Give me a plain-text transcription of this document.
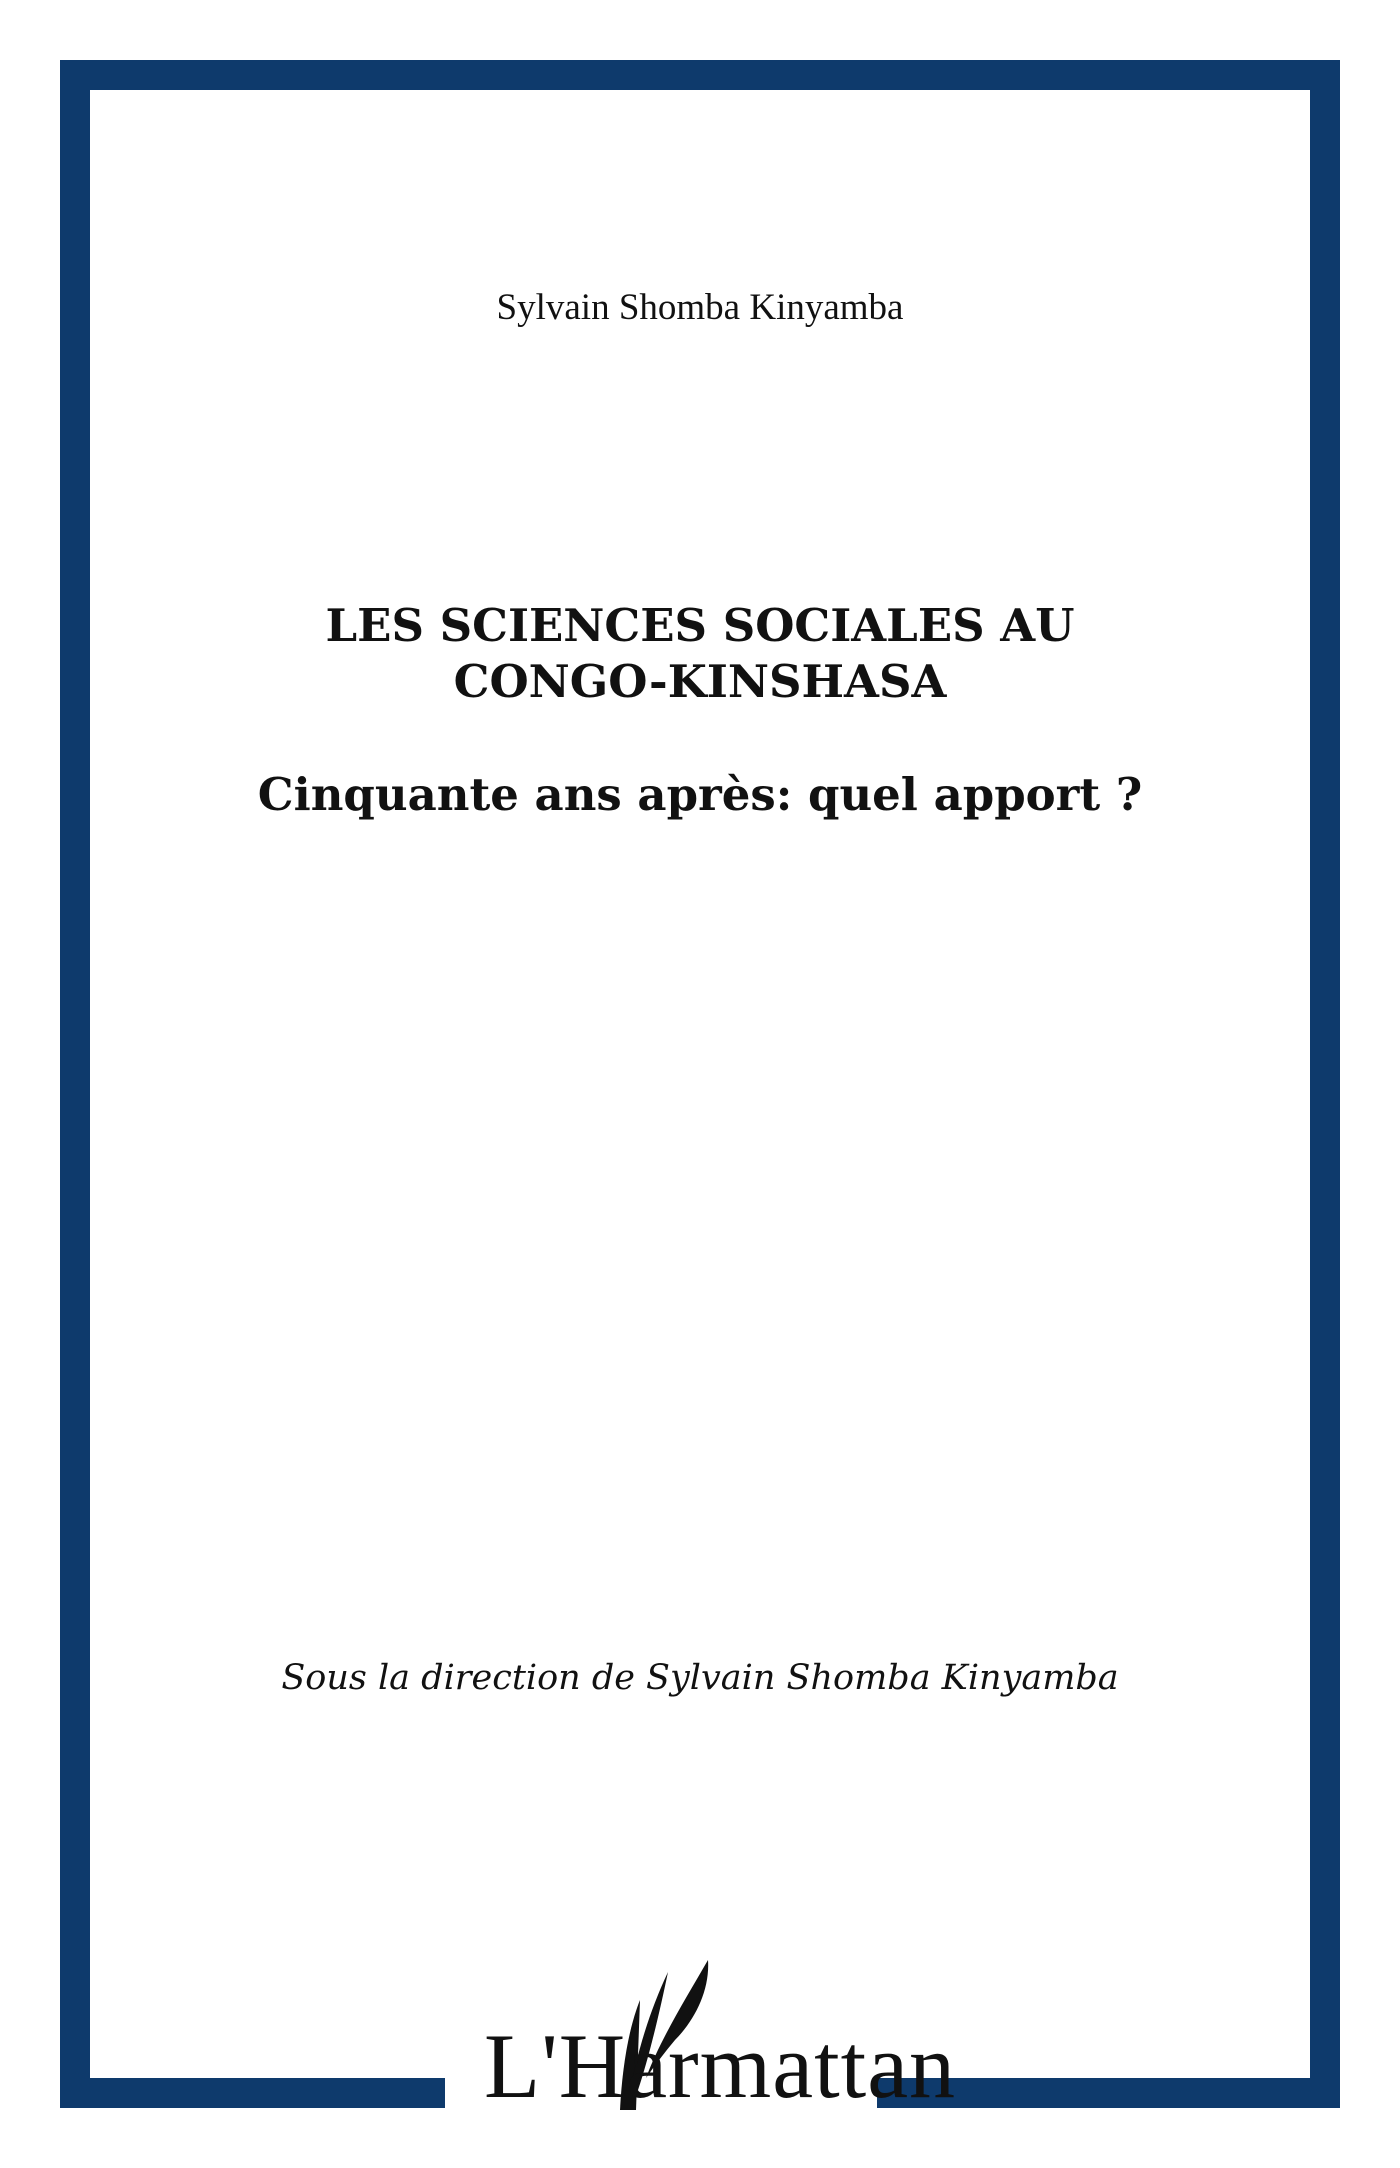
Sylvain Shomba Kinyamba
LES SCIENCES SOCIALES AU
CONGO-KINSHASA
Cinquante ans après: quel apport ?
Sous la direction de Sylvain Shomba Kinyamba
L'Harmattan
